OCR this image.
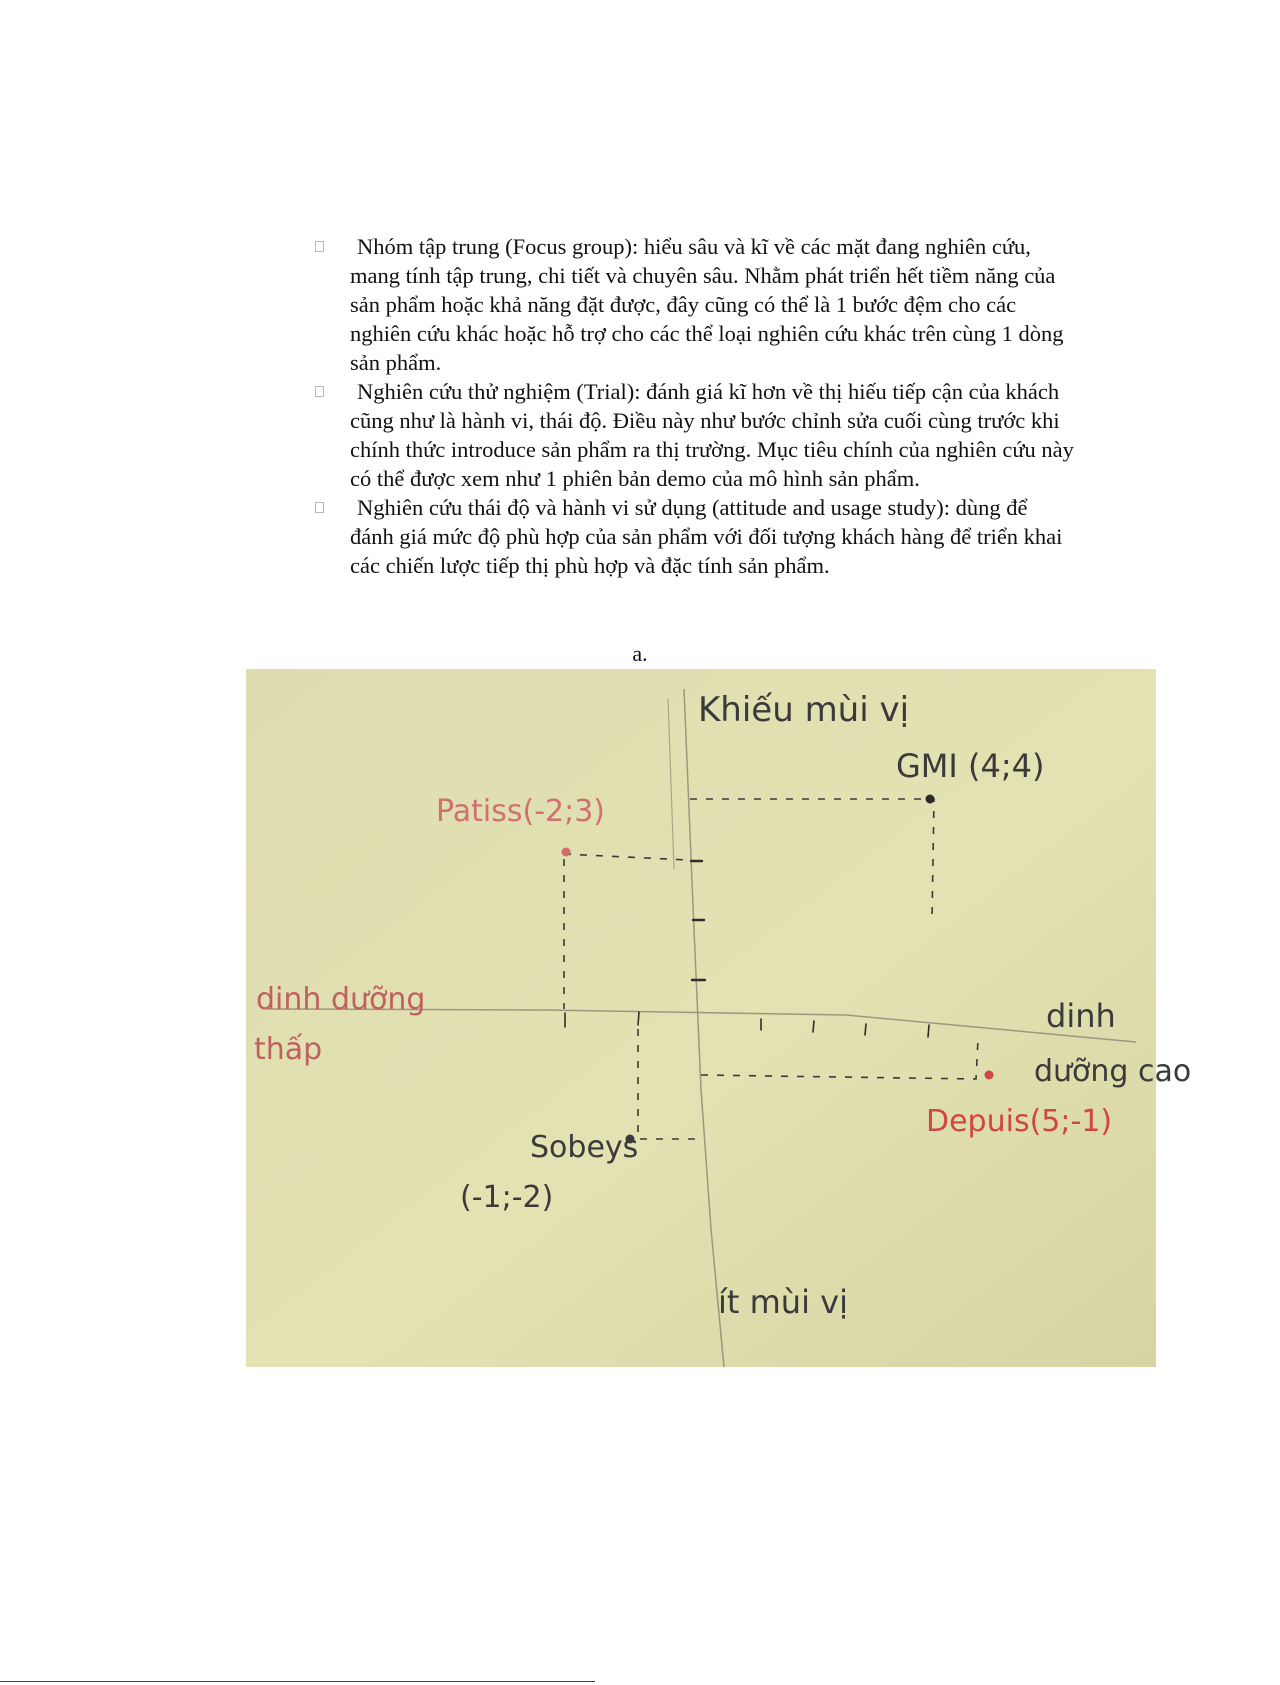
Nhóm tập trung (Focus group): hiểu sâu và kĩ về các mặt đang nghiên cứu, mang tính tập trung, chi tiết và chuyên sâu. Nhằm phát triển hết tiềm năng của sản phẩm hoặc khả năng đặt được, đây cũng có thể là 1 bước đệm cho các nghiên cứu khác hoặc hỗ trợ cho các thể loại nghiên cứu khác trên cùng 1 dòng sản phẩm.
Nghiên cứu thử nghiệm (Trial): đánh giá kĩ hơn về thị hiếu tiếp cận của khách cũng như là hành vi, thái độ. Điều này như bước chỉnh sửa cuối cùng trước khi chính thức introduce sản phẩm ra thị trường. Mục tiêu chính của nghiên cứu này có thể được xem như 1 phiên bản demo của mô hình sản phẩm.
Nghiên cứu thái độ và hành vi sử dụng (attitude and usage study): dùng để đánh giá mức độ phù hợp của sản phẩm với đối tượng khách hàng để triển khai các chiến lược tiếp thị phù hợp và đặc tính sản phẩm.
a.
Khiếu mùi vị
ít mùi vị
dinh dưỡng
thấp
dinh
dưỡng cao
GMI (4;4)
Patiss(-2;3)
Sobeys
(-1;-2)
Depuis(5;-1)
